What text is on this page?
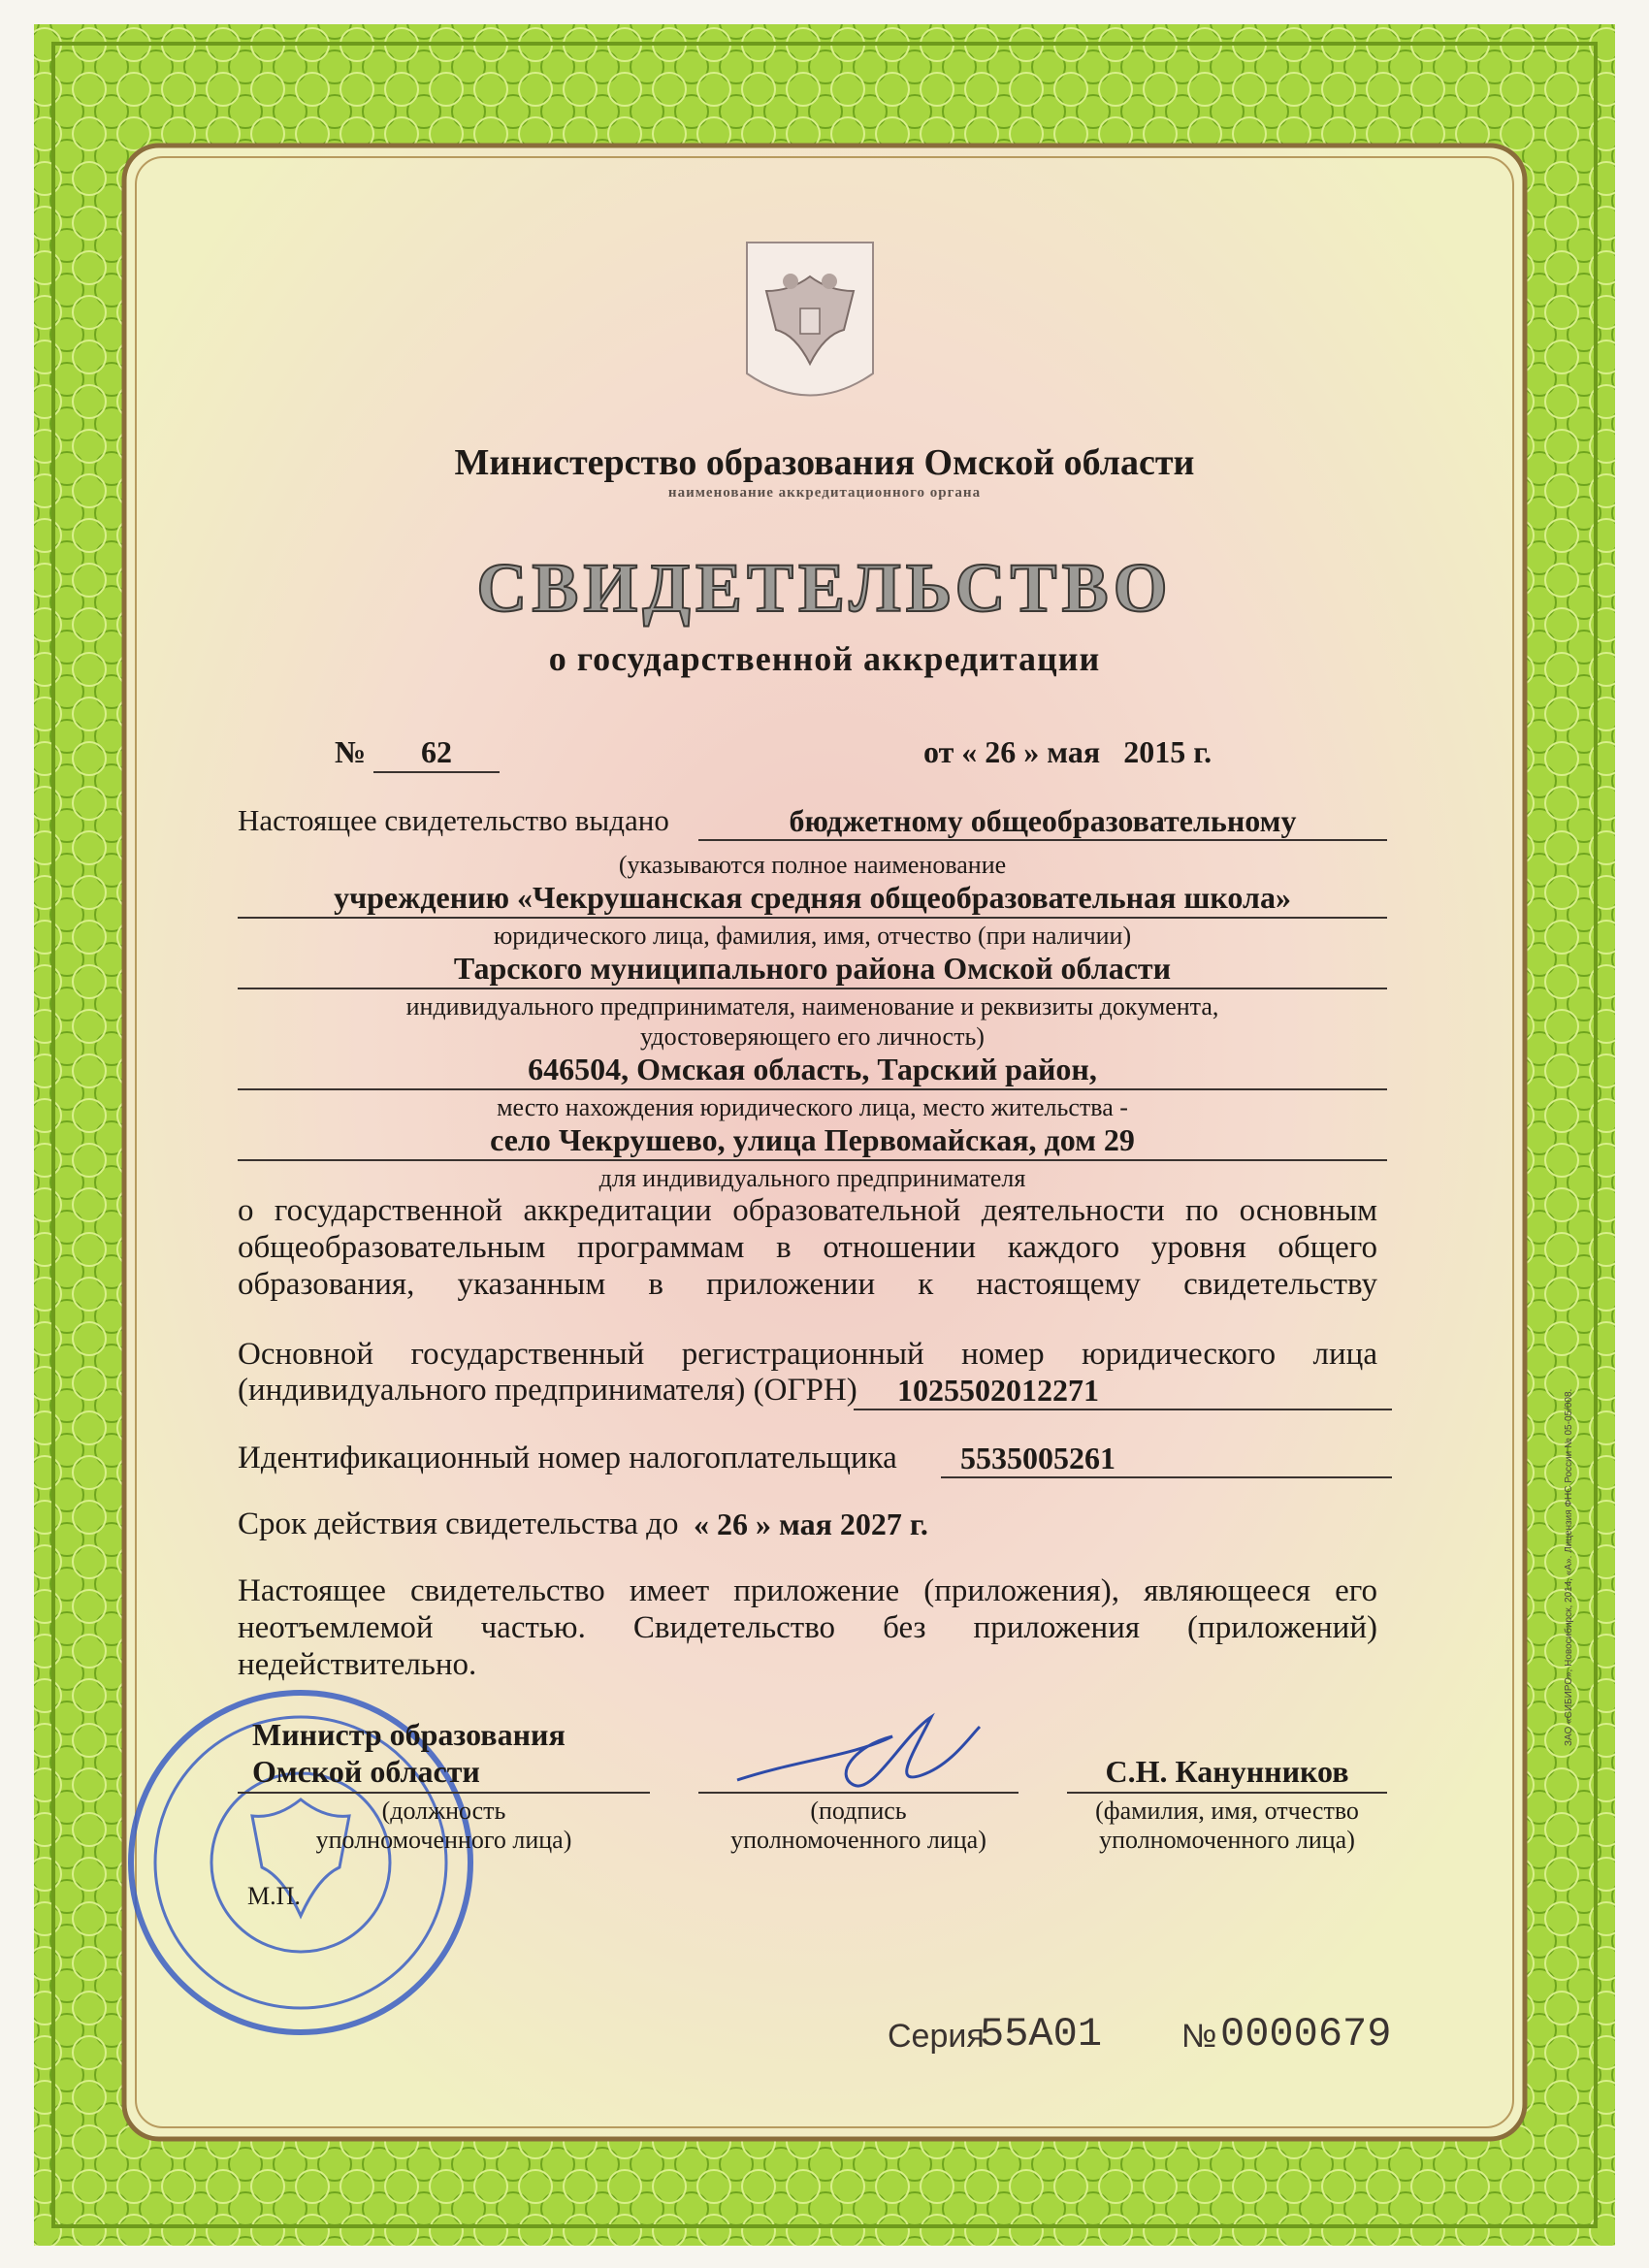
Министерство образования Омской области
наименование аккредитационного органа
СВИДЕТЕЛЬСТВО
о государственной аккредитации
№	62	от « 26 » мая   2015 г.
Настоящее свидетельство выдано	бюджетному общеобразовательному
(указываются полное наименование
учреждению «Чекрушанская средняя общеобразовательная школа»
юридического лица, фамилия, имя, отчество (при наличии)
Тарского муниципального района Омской области
индивидуального предпринимателя, наименование и реквизиты документа,
удостоверяющего его личность)
646504, Омская область, Тарский район,
место нахождения юридического лица, место жительства -
село Чекрушево, улица Первомайская, дом 29
для индивидуального предпринимателя
о государственной аккредитации образовательной деятельности по основным
общеобразовательным программам в отношении каждого уровня общего
образования, указанным в приложении к настоящему свидетельству
Основной государственный регистрационный номер юридического лица
(индивидуального предпринимателя) (ОГРН) 1025502012271
Идентификационный номер налогоплательщика 5535005261
Срок действия свидетельства до « 26 » мая 2027 г.
Настоящее свидетельство имеет приложение (приложения), являющееся его
неотъемлемой частью. Свидетельство без приложения (приложений)
недействительно.
Министр образования
Омской области
(должность
уполномоченного лица)
(подпись
уполномоченного лица)
С.Н. Канунников
(фамилия, имя, отчество
уполномоченного лица)
М.П.
Серия
55А01 № 0000679
ЗАО «СИБИРО», Новосибирск, 2014, «А». Лицензия ФНС России № 05-05/008.
